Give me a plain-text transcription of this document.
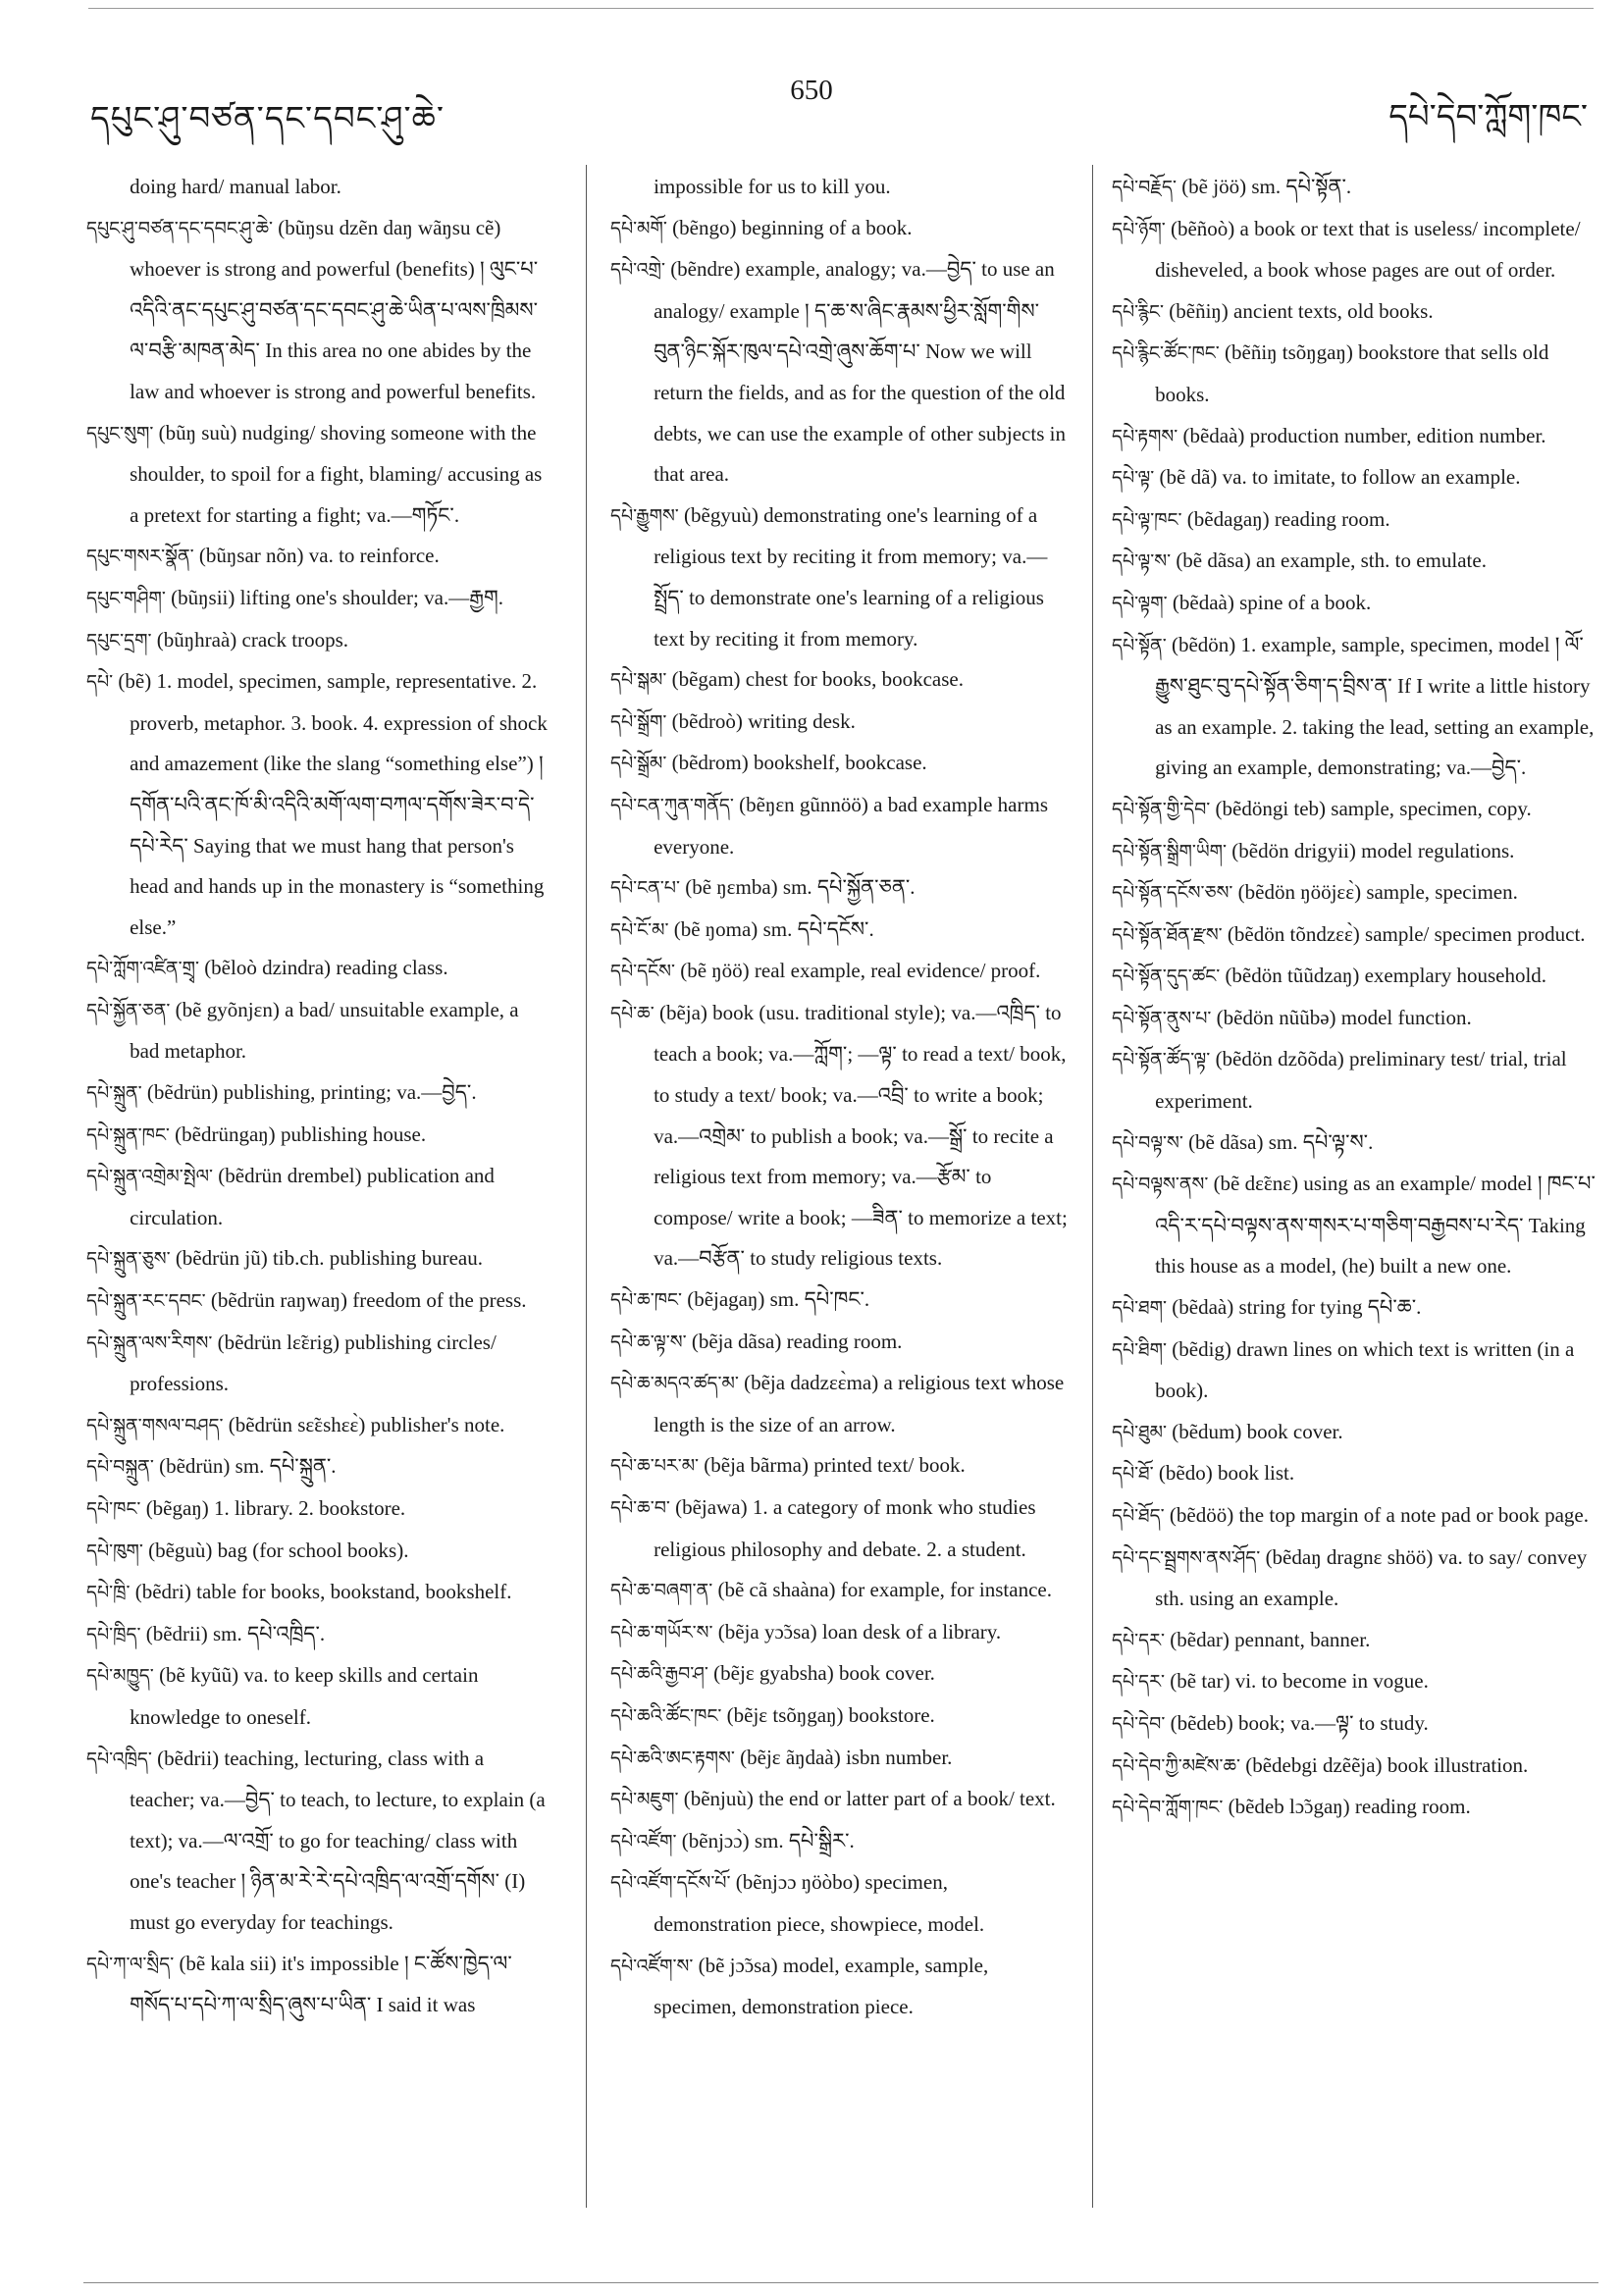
དཔུང་ཤུ་བཙན་དང་དབང་ཤུ་ཆེ་
650
དཔེ་དེབ་ཀློག་ཁང་
doing hard/ manual labor.
དཔུང་ཤུ་བཙན་དང་དབང་ཤུ་ཆེ་ (bũŋsu dzẽn daŋ wãŋsu cẽ) whoever is strong and powerful (benefits) ། ལུང་པ་འདིའི་ནང་དཔུང་ཤུ་བཙན་དང་དབང་ཤུ་ཆེ་ཡིན་པ་ལས་ཁྲིམས་ལ་བརྩི་མཁན་མེད་ In this area no one abides by the law and whoever is strong and powerful benefits.
དཔུང་སུག་ (bũŋ suù) nudging/ shoving someone with the shoulder, to spoil for a fight, blaming/ accusing as a pretext for starting a fight; va.—གཏོང་.
དཔུང་གསར་སྣོན་ (bũŋsar nõn) va. to reinforce.
དཔུང་གཤིག་ (bũŋsii) lifting one's shoulder; va.—རྒྱག.
དཔུང་དྲག་ (bũŋhraà) crack troops.
དཔེ་ (bẽ) 1. model, specimen, sample, representative. 2. proverb, metaphor. 3. book. 4. expression of shock and amazement (like the slang “something else”) ། དགོན་པའི་ནང་ཁོ་མི་འདིའི་མགོ་ལག་བཀལ་དགོས་ཟེར་བ་དེ་དཔེ་རེད་ Saying that we must hang that person's head and hands up in the monastery is “something else.”
དཔེ་ཀློག་འཛིན་གྲྭ་ (bẽloò dzindra) reading class.
དཔེ་སྐྱོན་ཅན་ (bẽ gyõnjɛn) a bad/ unsuitable example, a bad metaphor.
དཔེ་སྐྲུན་ (bẽdrün) publishing, printing; va.—བྱེད་.
དཔེ་སྐྲུན་ཁང་ (bẽdrüngaŋ) publishing house.
དཔེ་སྐྲུན་འགྲེམ་སྤེལ་ (bẽdrün drembel) publication and circulation.
དཔེ་སྐྲུན་ཅུས་ (bẽdrün jũ) tib.ch. publishing bureau.
དཔེ་སྐྲུན་རང་དབང་ (bẽdrün raŋwaŋ) freedom of the press.
དཔེ་སྐྲུན་ལས་རིགས་ (bẽdrün lɛ̃ɛrig) publishing circles/ professions.
དཔེ་སྐྲུན་གསལ་བཤད་ (bẽdrün sɛ̃ɛshɛɛ̀) publisher's note.
དཔེ་བསྐྲུན་ (bẽdrün) sm. དཔེ་སྐྲུན་.
དཔེ་ཁང་ (bẽgaŋ) 1. library. 2. bookstore.
དཔེ་ཁུག་ (bẽguù) bag (for school books).
དཔེ་ཁྲི་ (bẽdri) table for books, bookstand, bookshelf.
དཔེ་ཁྲིད་ (bẽdrii) sm. དཔེ་འཁྲིད་.
དཔེ་མཁྱུད་ (bẽ kyũũ) va. to keep skills and certain knowledge to oneself.
དཔེ་འཁྲིད་ (bẽdrii) teaching, lecturing, class with a teacher; va.—བྱེད་ to teach, to lecture, to explain (a text); va.—ལ་འགྲོ་ to go for teaching/ class with one's teacher ། ཉིན་མ་རེ་རེ་དཔེ་འཁྲིད་ལ་འགྲོ་དགོས་ (I) must go everyday for teachings.
དཔེ་ཀ་ལ་སྲིད་ (bẽ kala sii) it's impossible ། ང་ཚོས་ཁྱེད་ལ་གསོད་པ་དཔེ་ཀ་ལ་སྲིད་ཞུས་པ་ཡིན་ I said it was
impossible for us to kill you.
དཔེ་མགོ་ (bẽngo) beginning of a book.
དཔེ་འགྲེ་ (bẽndre) example, analogy; va.—བྱེད་ to use an analogy/ example ། ད་ཆ་ས་ཞིང་རྣམས་ཕྱིར་སློག་གིས་བུན་ཉིང་སྐོར་ཁུལ་དཔེ་འགྲེ་ཞུས་ཆོག་པ་ Now we will return the fields, and as for the question of the old debts, we can use the example of other subjects in that area.
དཔེ་རྒྱུགས་ (bẽgyuù) demonstrating one's learning of a religious text by reciting it from memory; va.—སྤྲོད་ to demonstrate one's learning of a religious text by reciting it from memory.
དཔེ་སྒམ་ (bẽgam) chest for books, bookcase.
དཔེ་སྒྲོག་ (bẽdroò) writing desk.
དཔེ་སྒྲོམ་ (bẽdrom) bookshelf, bookcase.
དཔེ་ངན་ཀུན་གནོད་ (bẽŋɛn gũnnöö) a bad example harms everyone.
དཔེ་ངན་པ་ (bẽ ŋɛmba) sm. དཔེ་སྐྱོན་ཅན་.
དཔེ་ངོ་མ་ (bẽ ŋoma) sm. དཔེ་དངོས་.
དཔེ་དངོས་ (bẽ ŋöö) real example, real evidence/ proof.
དཔེ་ཆ་ (bẽja) book (usu. traditional style); va.—འཁྲིད་ to teach a book; va.—ཀློག་; —ལྟ་ to read a text/ book, to study a text/ book; va.—འབྲི་ to write a book; va.—འགྲེམ་ to publish a book; va.—སྒྲོ་ to recite a religious text from memory; va.—རྩོམ་ to compose/ write a book; —ཟིན་ to memorize a text; va.—བརྩོན་ to study religious texts.
དཔེ་ཆ་ཁང་ (bẽjagaŋ) sm. དཔེ་ཁང་.
དཔེ་ཆ་ལྟ་ས་ (bẽja dãsa) reading room.
དཔེ་ཆ་མདའ་ཚད་མ་ (bẽja dadzɛɛ̀ma) a religious text whose length is the size of an arrow.
དཔེ་ཆ་པར་མ་ (bẽja bãrma) printed text/ book.
དཔེ་ཆ་བ་ (bẽjawa) 1. a category of monk who studies religious philosophy and debate. 2. a student.
དཔེ་ཆ་བཞག་ན་ (bẽ cã shaàna) for example, for instance.
དཔེ་ཆ་གཡོར་ས་ (bẽja yɔ̃ɔsa) loan desk of a library.
དཔེ་ཆའི་རྒྱབ་ཤ་ (bẽjɛ gyabsha) book cover.
དཔེ་ཆའི་ཚོང་ཁང་ (bẽjɛ tsõŋgaŋ) bookstore.
དཔེ་ཆའི་ཨང་རྟགས་ (bẽjɛ ãŋdaà) isbn number.
དཔེ་མཇུག་ (bẽnjuù) the end or latter part of a book/ text.
དཔེ་འཛོག་ (bẽnjɔɔ̀) sm. དཔེ་སྒྲིར་.
དཔེ་འཛོག་དངོས་པོ་ (bẽnjɔɔ ŋöòbo) specimen, demonstration piece, showpiece, model.
དཔེ་འཛོག་ས་ (bẽ jɔ̃ɔsa) model, example, sample, specimen, demonstration piece.
དཔེ་བརྗོད་ (bẽ jöö) sm. དཔེ་སྟོན་.
དཔེ་ཉོག་ (bẽñoò) a book or text that is useless/ incomplete/ disheveled, a book whose pages are out of order.
དཔེ་རྙིང་ (bẽñiŋ) ancient texts, old books.
དཔེ་རྙིང་ཚོང་ཁང་ (bẽñiŋ tsõŋgaŋ) bookstore that sells old books.
དཔེ་རྟགས་ (bẽdaà) production number, edition number.
དཔེ་ལྟ་ (bẽ dã) va. to imitate, to follow an example.
དཔེ་ལྟ་ཁང་ (bẽdagaŋ) reading room.
དཔེ་ལྟ་ས་ (bẽ dãsa) an example, sth. to emulate.
དཔེ་ལྟག་ (bẽdaà) spine of a book.
དཔེ་སྟོན་ (bẽdön) 1. example, sample, specimen, model ། ལོ་རྒྱུས་ཐུང་བུ་དཔེ་སྟོན་ཅིག་ད་བྲིས་ན་ If I write a little history as an example. 2. taking the lead, setting an example, giving an example, demonstrating; va.—བྱེད་.
དཔེ་སྟོན་གྱི་དེབ་ (bẽdöngi teb) sample, specimen, copy.
དཔེ་སྟོན་སྒྲིག་ཡིག་ (bẽdön drigyii) model regulations.
དཔེ་སྟོན་དངོས་ཅས་ (bẽdön ŋööjɛɛ̀) sample, specimen.
དཔེ་སྟོན་ཐོན་རྫས་ (bẽdön tõndzɛɛ̀) sample/ specimen product.
དཔེ་སྟོན་དུད་ཚང་ (bẽdön tũũdzaŋ) exemplary household.
དཔེ་སྟོན་ནུས་པ་ (bẽdön nũũbə) model function.
དཔེ་སྟོན་ཚོད་ལྟ་ (bẽdön dzõõda) preliminary test/ trial, trial experiment.
དཔེ་བལྟ་ས་ (bẽ dãsa) sm. དཔེ་ལྟ་ས་.
དཔེ་བལྟས་ནས་ (bẽ dɛ̃ɛnɛ) using as an example/ model ། ཁང་པ་འདི་ར་དཔེ་བལྟས་ནས་གསར་པ་གཅིག་བརྒྱབས་པ་རེད་ Taking this house as a model, (he) built a new one.
དཔེ་ཐག་ (bẽdaà) string for tying དཔེ་ཆ་.
དཔེ་ཐིག་ (bẽdig) drawn lines on which text is written (in a book).
དཔེ་ཐུམ་ (bẽdum) book cover.
དཔེ་ཐོ་ (bẽdo) book list.
དཔེ་ཐོད་ (bẽdöö) the top margin of a note pad or book page.
དཔེ་དང་སྦྲགས་ནས་ཤོད་ (bẽdaŋ dragnɛ shöö) va. to say/ convey sth. using an example.
དཔེ་དར་ (bẽdar) pennant, banner.
དཔེ་དར་ (bẽ tar) vi. to become in vogue.
དཔེ་དེབ་ (bẽdeb) book; va.—ལྟ་ to study.
དཔེ་དེབ་ཀྱི་མཛེས་ཆ་ (bẽdebgi dzẽẽja) book illustration.
དཔེ་དེབ་ཀློག་ཁང་ (bẽdeb lɔ̃ɔgaŋ) reading room.
